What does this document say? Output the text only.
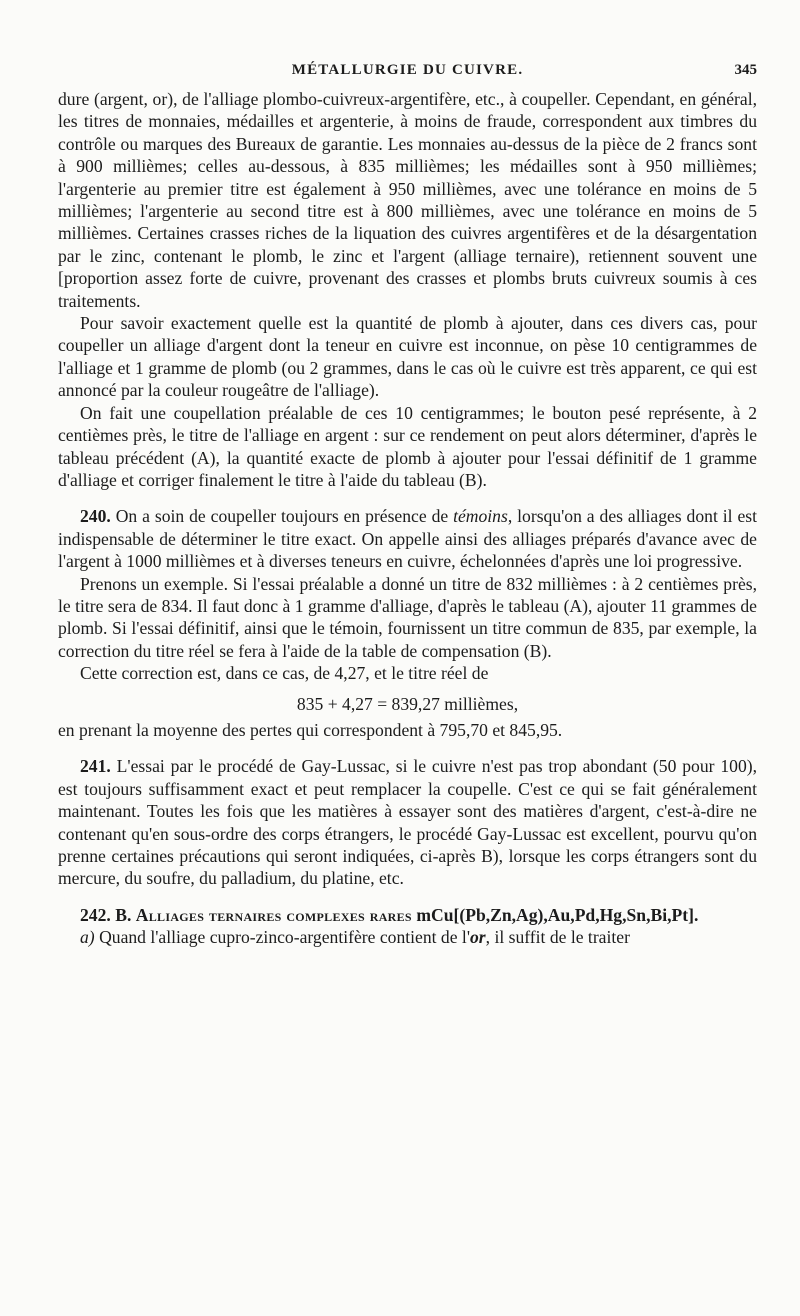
MÉTALLURGIE DU CUIVRE.	345

dure (argent, or), de l'alliage plombo-cuivreux-argentifère, etc., à coupeller. Cependant, en général, les titres de monnaies, médailles et argenterie, à moins de fraude, correspondent aux timbres du contrôle ou marques des Bureaux de garantie. Les monnaies au-dessus de la pièce de 2 francs sont à 900 millièmes; celles au-dessous, à 835 millièmes; les médailles sont à 950 millièmes; l'argenterie au premier titre est également à 950 millièmes, avec une tolérance en moins de 5 millièmes; l'argenterie au second titre est à 800 millièmes, avec une tolérance en moins de 5 millièmes. Certaines crasses riches de la liquation des cuivres argentifères et de la désargentation par le zinc, contenant le plomb, le zinc et l'argent (alliage ternaire), retiennent souvent une [proportion assez forte de cuivre, provenant des crasses et plombs bruts cuivreux soumis à ces traitements.

Pour savoir exactement quelle est la quantité de plomb à ajouter, dans ces divers cas, pour coupeller un alliage d'argent dont la teneur en cuivre est inconnue, on pèse 10 centigrammes de l'alliage et 1 gramme de plomb (ou 2 grammes, dans le cas où le cuivre est très apparent, ce qui est annoncé par la couleur rougeâtre de l'alliage).

On fait une coupellation préalable de ces 10 centigrammes; le bouton pesé représente, à 2 centièmes près, le titre de l'alliage en argent : sur ce rendement on peut alors déterminer, d'après le tableau précédent (A), la quantité exacte de plomb à ajouter pour l'essai définitif de 1 gramme d'alliage et corriger finalement le titre à l'aide du tableau (B).

240. On a soin de coupeller toujours en présence de témoins, lorsqu'on a des alliages dont il est indispensable de déterminer le titre exact. On appelle ainsi des alliages préparés d'avance avec de l'argent à 1000 millièmes et à diverses teneurs en cuivre, échelonnées d'après une loi progressive.

Prenons un exemple. Si l'essai préalable a donné un titre de 832 millièmes : à 2 centièmes près, le titre sera de 834. Il faut donc à 1 gramme d'alliage, d'après le tableau (A), ajouter 11 grammes de plomb. Si l'essai définitif, ainsi que le témoin, fournissent un titre commun de 835, par exemple, la correction du titre réel se fera à l'aide de la table de compensation (B).

Cette correction est, dans ce cas, de 4,27, et le titre réel de

835 + 4,27 = 839,27 millièmes,

en prenant la moyenne des pertes qui correspondent à 795,70 et 845,95.

241. L'essai par le procédé de Gay-Lussac, si le cuivre n'est pas trop abondant (50 pour 100), est toujours suffisamment exact et peut remplacer la coupelle. C'est ce qui se fait généralement maintenant. Toutes les fois que les matières à essayer sont des matières d'argent, c'est-à-dire ne contenant qu'en sous-ordre des corps étrangers, le procédé Gay-Lussac est excellent, pourvu qu'on prenne certaines précautions qui seront indiquées, ci-après B), lorsque les corps étrangers sont du mercure, du soufre, du palladium, du platine, etc.

242. B. Alliages ternaires complexes rares mCu[(Pb,Zn,Ag),Au,Pd,Hg,Sn,Bi,Pt].

a) Quand l'alliage cupro-zinco-argentifère contient de l'or, il suffit de le traiter
